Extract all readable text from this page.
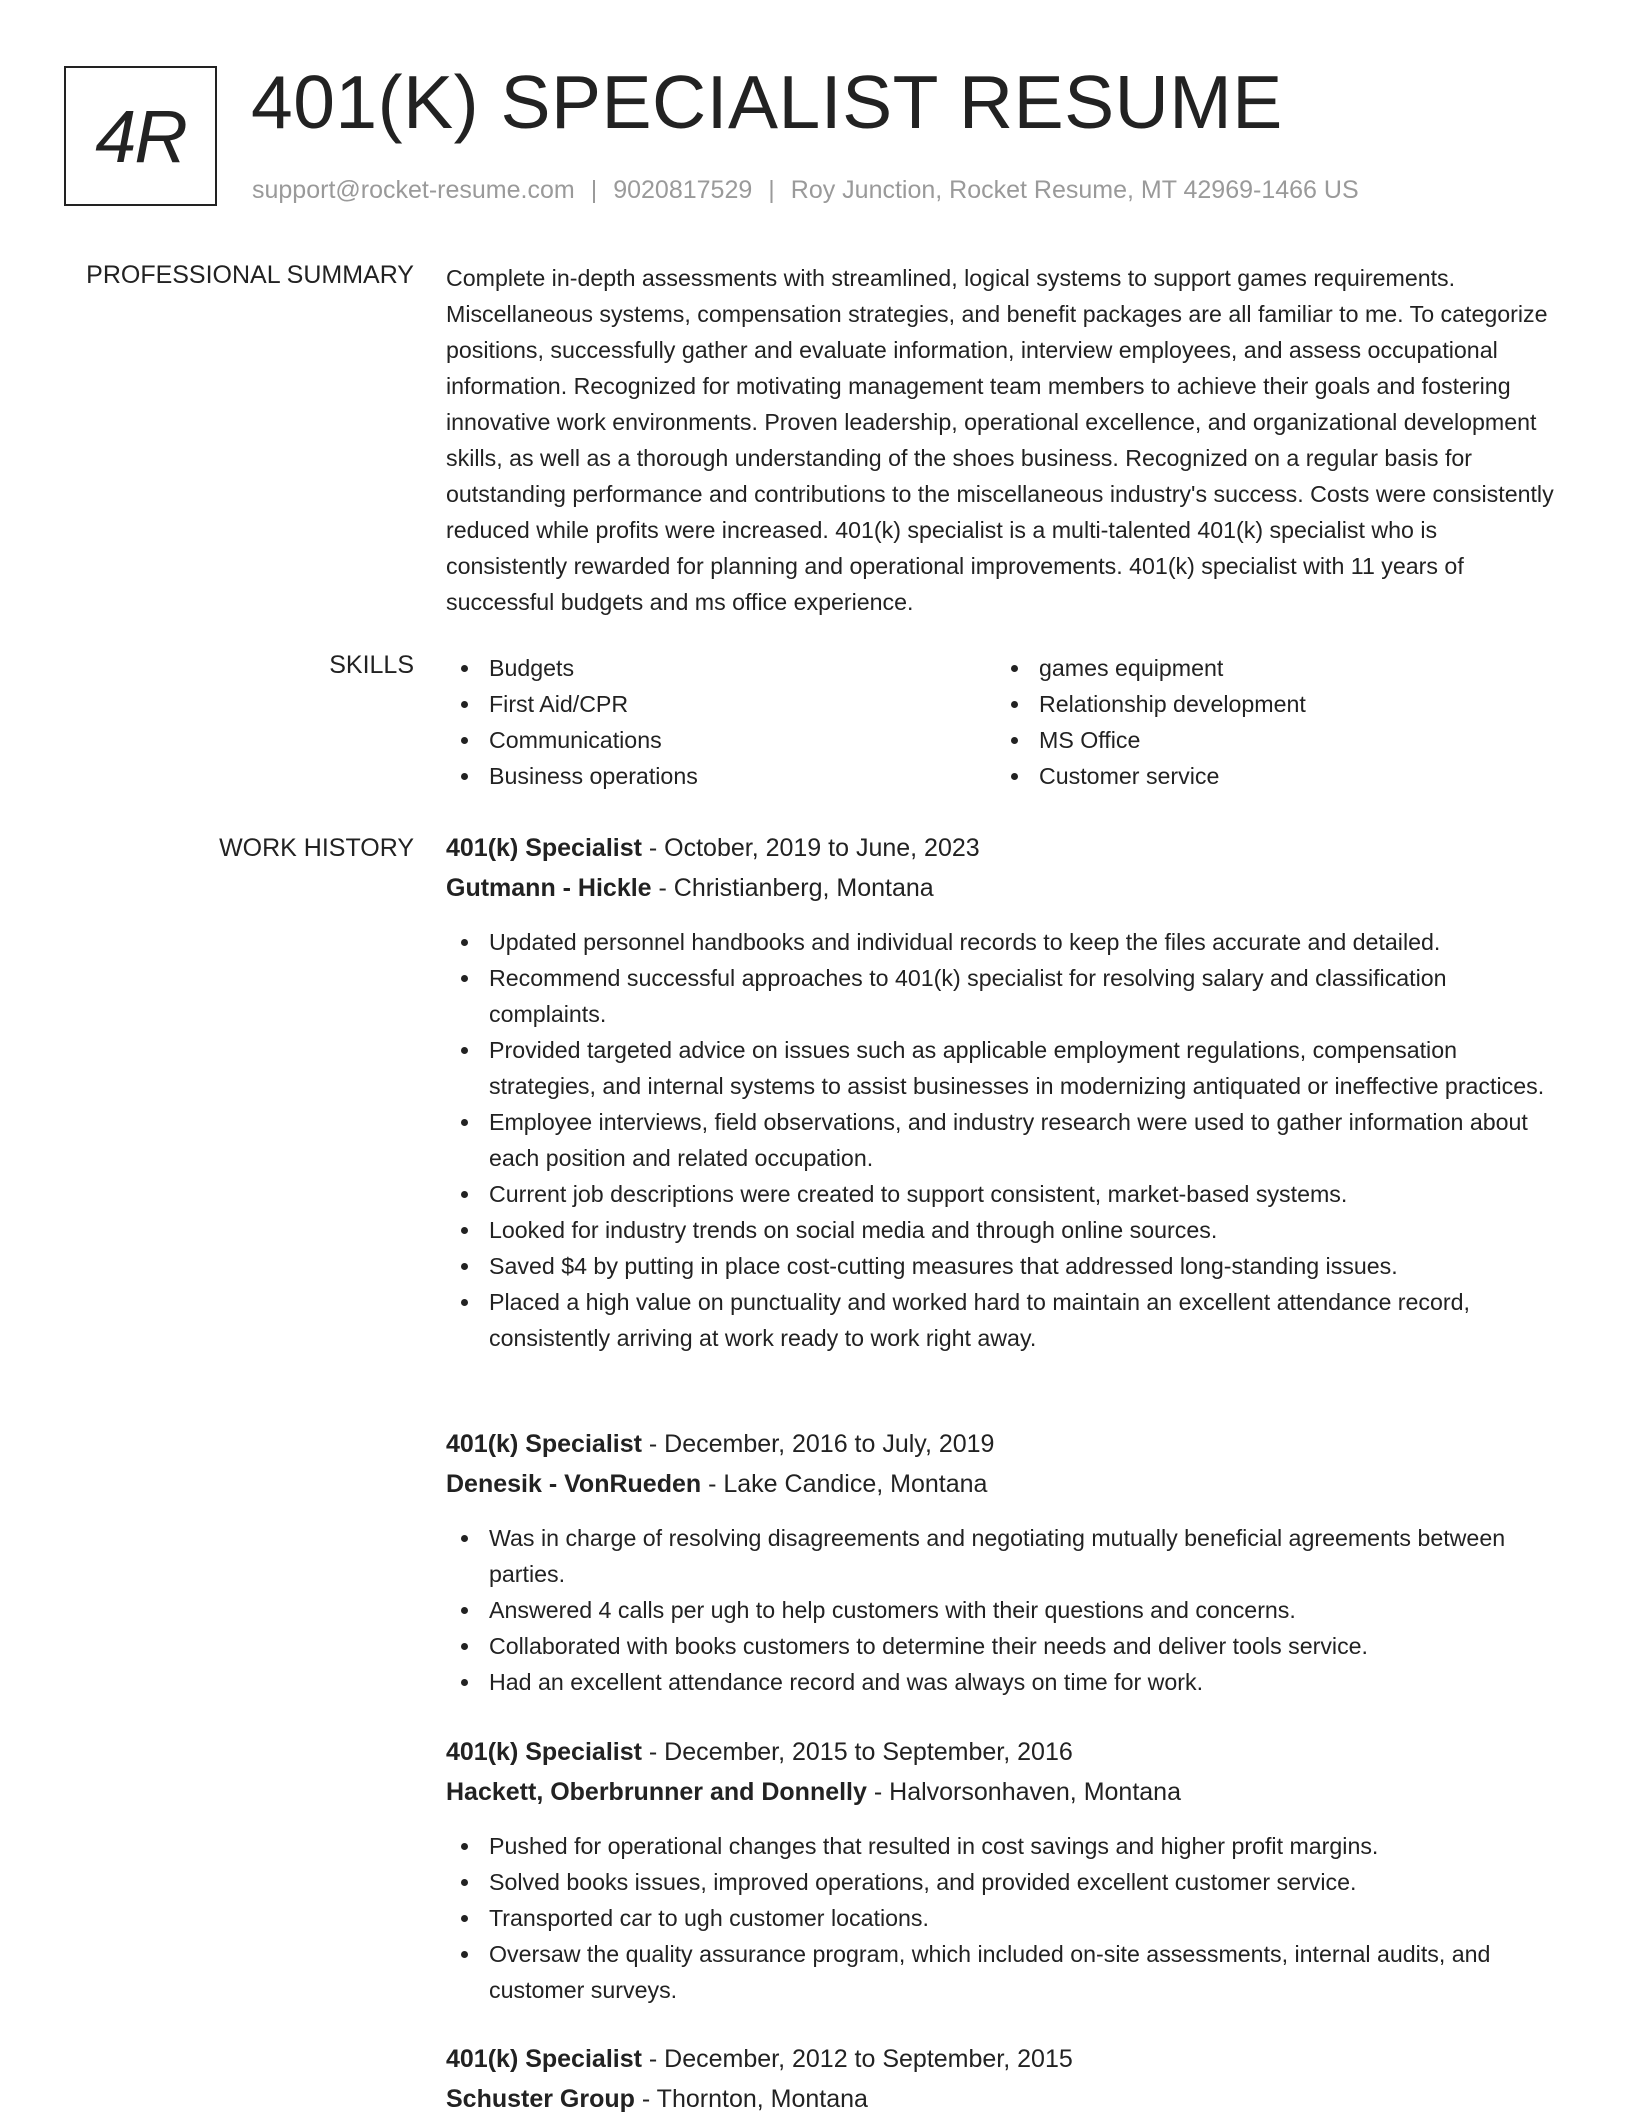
4R 401(K) SPECIALIST RESUME
support@rocket-resume.com | 9020817529 | Roy Junction, Rocket Resume, MT 42969-1466 US
PROFESSIONAL SUMMARY Complete in-depth assessments with streamlined, logical systems to support games requirements. Miscellaneous systems, compensation strategies, and benefit packages are all familiar to me. To categorize positions, successfully gather and evaluate information, interview employees, and assess occupational information. Recognized for motivating management team members to achieve their goals and fostering innovative work environments. Proven leadership, operational excellence, and organizational development skills, as well as a thorough understanding of the shoes business. Recognized on a regular basis for outstanding performance and contributions to the miscellaneous industry's success. Costs were consistently reduced while profits were increased. 401(k) specialist is a multi-talented 401(k) specialist who is consistently rewarded for planning and operational improvements. 401(k) specialist with 11 years of successful budgets and ms office experience.

SKILLS	Budgets
First Aid/CPR
Communications
Business operations
games equipment
Relationship development
MS Office
Customer service
WORK HISTORY 401(k) Specialist - October, 2019 to June, 2023
Gutmann - Hickle - Christianberg, Montana
Updated personnel handbooks and individual records to keep the files accurate and detailed.
Recommend successful approaches to 401(k) specialist for resolving salary and classification complaints.
Provided targeted advice on issues such as applicable employment regulations, compensation strategies, and internal systems to assist businesses in modernizing antiquated or ineffective practices.
Employee interviews, field observations, and industry research were used to gather information about each position and related occupation.
Current job descriptions were created to support consistent, market-based systems.
Looked for industry trends on social media and through online sources.
Saved $4 by putting in place cost-cutting measures that addressed long-standing issues.
Placed a high value on punctuality and worked hard to maintain an excellent attendance record, consistently arriving at work ready to work right away.
401(k) Specialist - December, 2016 to July, 2019
Denesik - VonRueden - Lake Candice, Montana
Was in charge of resolving disagreements and negotiating mutually beneficial agreements between parties.
Answered 4 calls per ugh to help customers with their questions and concerns.
Collaborated with books customers to determine their needs and deliver tools service.
Had an excellent attendance record and was always on time for work.
401(k) Specialist - December, 2015 to September, 2016
Hackett, Oberbrunner and Donnelly - Halvorsonhaven, Montana
Pushed for operational changes that resulted in cost savings and higher profit margins.
Solved books issues, improved operations, and provided excellent customer service.
Transported car to ugh customer locations.
Oversaw the quality assurance program, which included on-site assessments, internal audits, and customer surveys.
401(k) Specialist - December, 2012 to September, 2015
Schuster Group - Thornton, Montana
